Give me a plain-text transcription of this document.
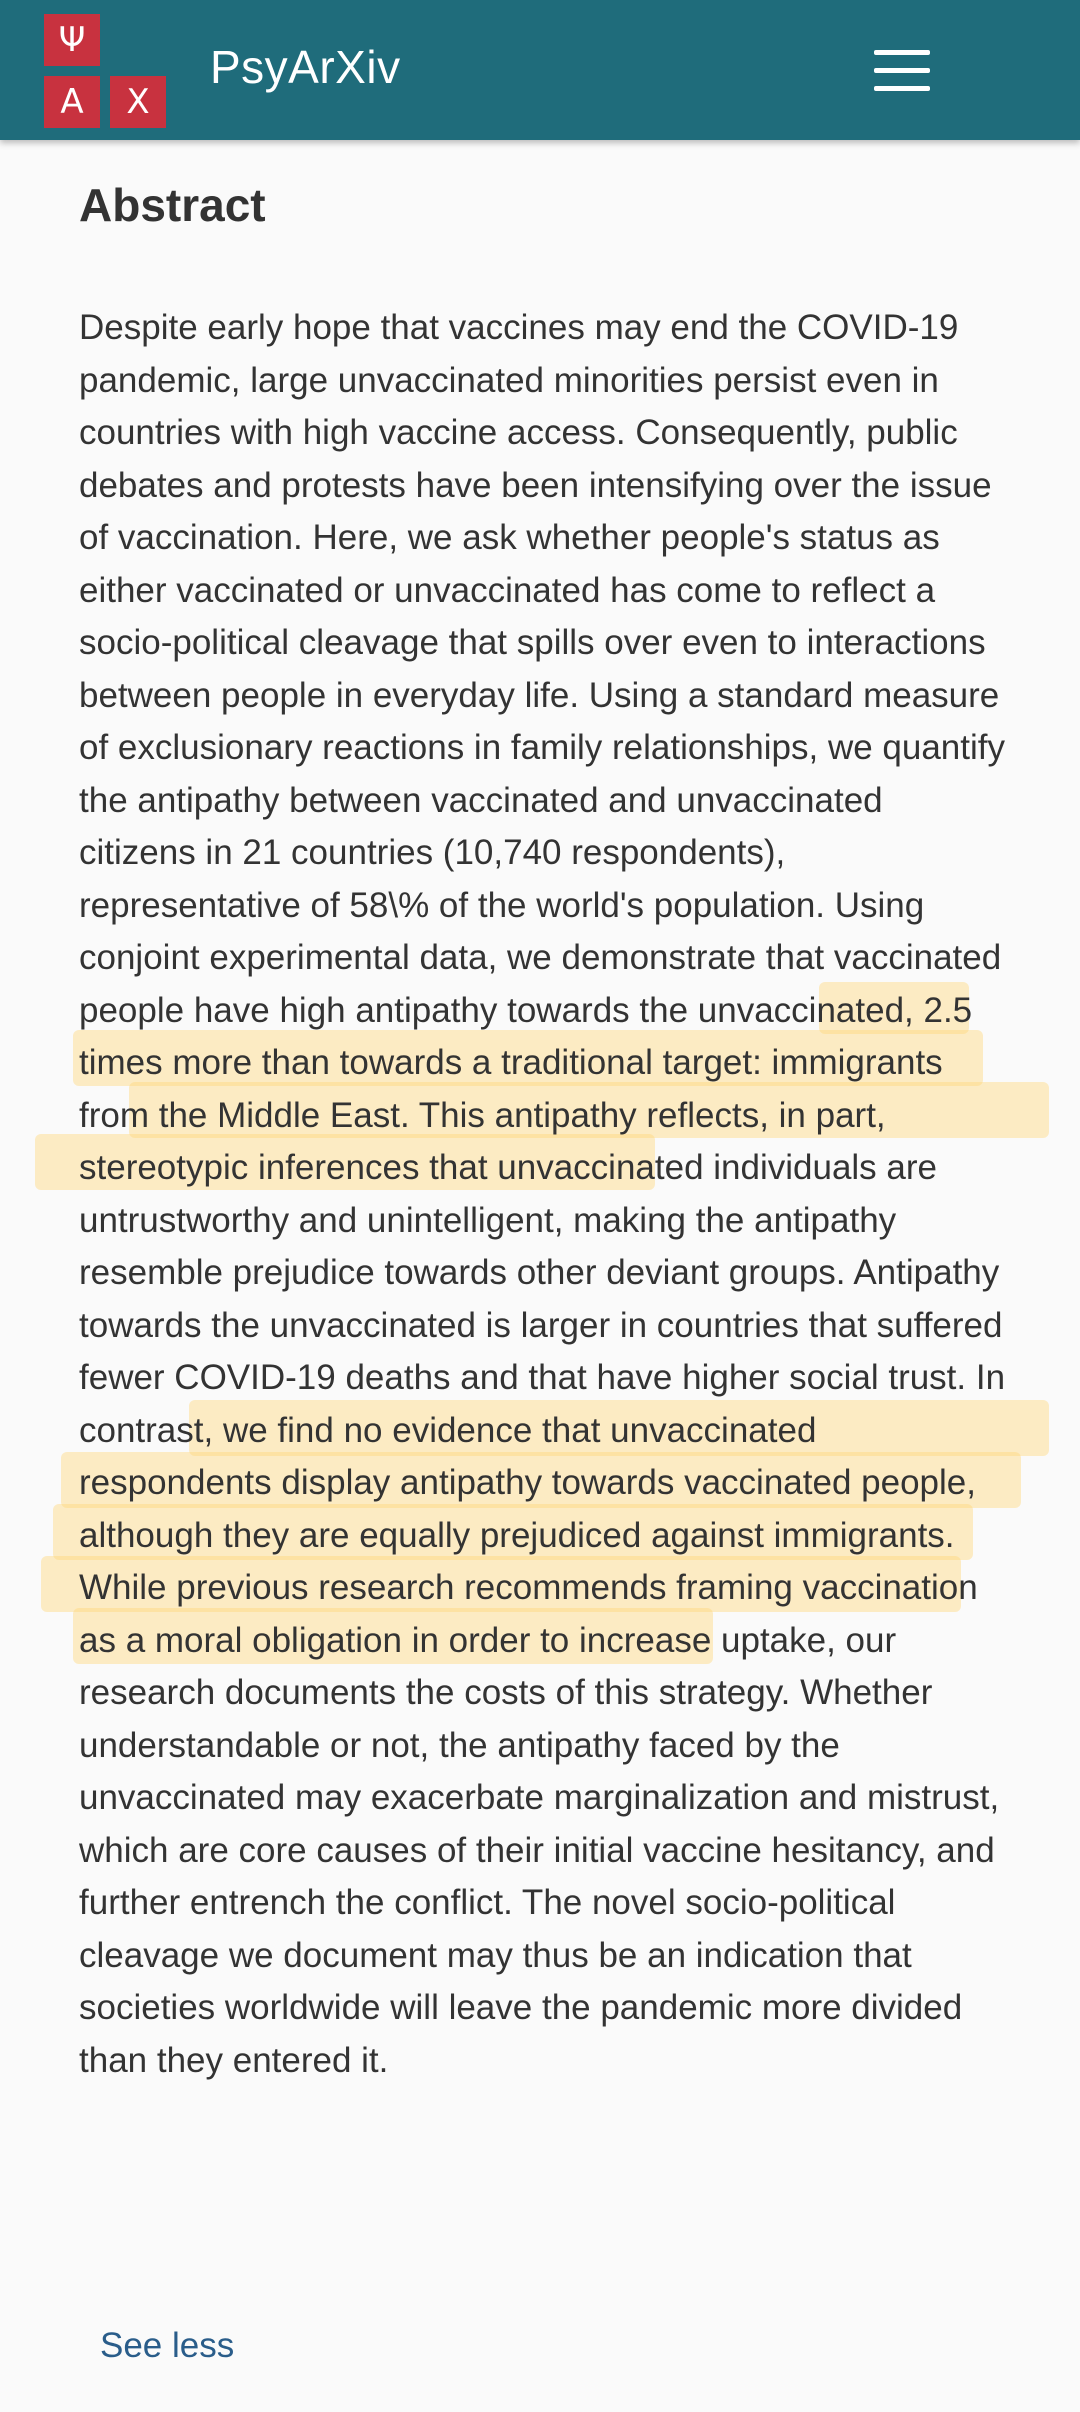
Ψ
A	X
PsyArXiv
Abstract

Despite early hope that vaccines may end the COVID-19 pandemic, large unvaccinated minorities persist even in countries with high vaccine access. Consequently, public debates and protests have been intensifying over the issue of vaccination. Here, we ask whether people's status as either vaccinated or unvaccinated has come to reflect a socio-political cleavage that spills over even to interactions between people in everyday life. Using a standard measure of exclusionary reactions in family relationships, we quantify the antipathy between vaccinated and unvaccinated citizens in 21 countries (10,740 respondents), representative of 58\% of the world's population. Using conjoint experimental data, we demonstrate that vaccinated people have high antipathy towards the unvaccinated, 2.5 times more than towards a traditional target: immigrants from the Middle East. This antipathy reflects, in part, stereotypic inferences that unvaccinated individuals are untrustworthy and unintelligent, making the antipathy resemble prejudice towards other deviant groups. Antipathy towards the unvaccinated is larger in countries that suffered fewer COVID-19 deaths and that have higher social trust. In contrast, we find no evidence that unvaccinated respondents display antipathy towards vaccinated people, although they are equally prejudiced against immigrants. While previous research recommends framing vaccination as a moral obligation in order to increase uptake, our research documents the costs of this strategy. Whether understandable or not, the antipathy faced by the unvaccinated may exacerbate marginalization and mistrust, which are core causes of their initial vaccine hesitancy, and further entrench the conflict. The novel socio-political cleavage we document may thus be an indication that societies worldwide will leave the pandemic more divided than they entered it.

See less
